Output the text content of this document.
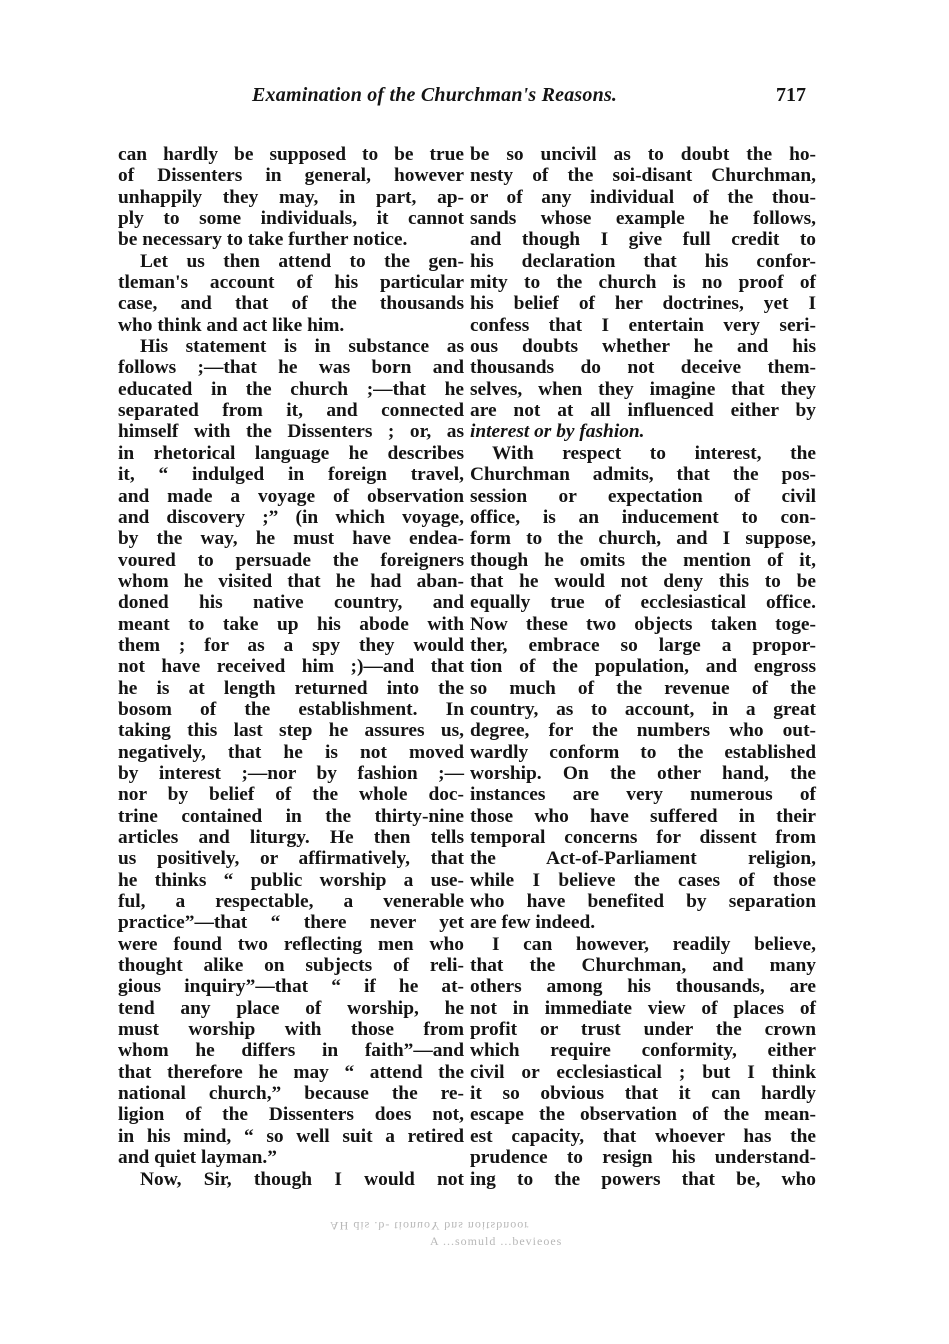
Examination of the Churchman's Reasons.	717
can hardly be supposed to be true
of Dissenters in general, however
unhappily they may, in part, ap-
ply to some individuals, it cannot
be necessary to take further notice.
Let us then attend to the gen-
tleman's account of his particular
case, and that of the thousands
who think and act like him.
His statement is in substance as
follows ;—that he was born and
educated in the church ;—that he
separated from it, and connected
himself with the Dissenters ; or, as
in rhetorical language he describes
it, “ indulged in foreign travel,
and made a voyage of observation
and discovery ;” (in which voyage,
by the way, he must have endea-
voured to persuade the foreigners
whom he visited that he had aban-
doned his native country, and
meant to take up his abode with
them ; for as a spy they would
not have received him ;)—and that
he is at length returned into the
bosom of the establishment. In
taking this last step he assures us,
negatively, that he is not moved
by interest ;—nor by fashion ;—
nor by belief of the whole doc-
trine contained in the thirty-nine
articles and liturgy. He then tells
us positively, or affirmatively, that
he thinks “ public worship a use-
ful, a respectable, a venerable
practice”—that “ there never yet
were found two reflecting men who
thought alike on subjects of reli-
gious inquiry”—that “ if he at-
tend any place of worship, he
must worship with those from
whom he differs in faith”—and
that therefore he may “ attend the
national church,” because the re-
ligion of the Dissenters does not,
in his mind, “ so well suit a retired
and quiet layman.”
Now, Sir, though I would not
be so uncivil as to doubt the ho-
nesty of the soi-disant Churchman,
or of any individual of the thou-
sands whose example he follows,
and though I give full credit to
his declaration that his confor-
mity to the church is no proof of
his belief of her doctrines, yet I
confess that I entertain very seri-
ous doubts whether he and his
thousands do not deceive them-
selves, when they imagine that they
are not at all influenced either by
interest or by fashion.
With respect to interest, the
Churchman admits, that the pos-
session or expectation of civil
office, is an inducement to con-
form to the church, and I suppose,
though he omits the mention of it,
that he would not deny this to be
equally true of ecclesiastical office.
Now these two objects taken toge-
ther, embrace so large a propor-
tion of the population, and engross
so much of the revenue of the
country, as to account, in a great
degree, for the numbers who out-
wardly conform to the established
worship. On the other hand, the
instances are very numerous of
those who have suffered in their
temporal concerns for dissent from
the Act-of-Parliament religion,
while I believe the cases of those
who have benefited by separation
are few indeed.
I can however, readily believe,
that the Churchman, and many
others among his thousands, are
not in immediate view of places of
profit or trust under the crown
which require conformity, either
civil or ecclesiastical ; but I think
it so obvious that it can hardly
escape the observation of the mean-
est capacity, that whoever has the
prudence to resign his understand-
ing to the powers that be, who
AH dis .b- tionuoY bns noitsbnoor
A ...somuld ...bevieoes
